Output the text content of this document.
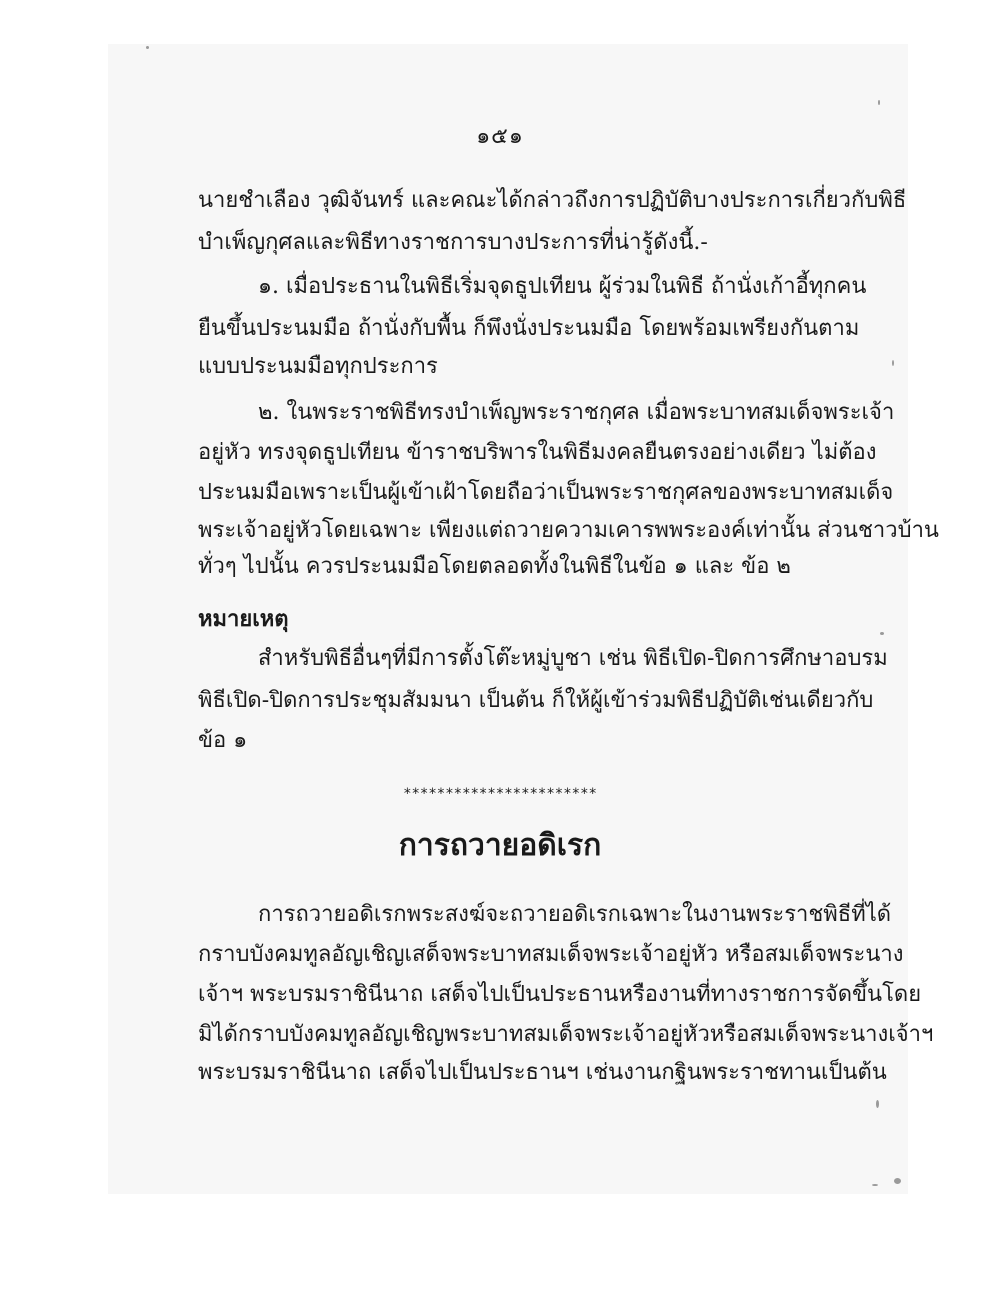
๑๕๑
นายชำเลือง วุฒิจันทร์ และคณะได้กล่าวถึงการปฏิบัติบางประการเกี่ยวกับพิธี
บำเพ็ญกุศลและพิธีทางราชการบางประการที่น่ารู้ดังนี้.-
๑. เมื่อประธานในพิธีเริ่มจุดธูปเทียน ผู้ร่วมในพิธี ถ้านั่งเก้าอี้ทุกคน
ยืนขึ้นประนมมือ ถ้านั่งกับพื้น ก็พึงนั่งประนมมือ โดยพร้อมเพรียงกันตาม
แบบประนมมือทุกประการ
๒. ในพระราชพิธีทรงบำเพ็ญพระราชกุศล เมื่อพระบาทสมเด็จพระเจ้า
อยู่หัว ทรงจุดธูปเทียน ข้าราชบริพารในพิธีมงคลยืนตรงอย่างเดียว ไม่ต้อง
ประนมมือเพราะเป็นผู้เข้าเฝ้าโดยถือว่าเป็นพระราชกุศลของพระบาทสมเด็จ
พระเจ้าอยู่หัวโดยเฉพาะ เพียงแต่ถวายความเคารพพระองค์เท่านั้น ส่วนชาวบ้าน
ทั่วๆ ไปนั้น ควรประนมมือโดยตลอดทั้งในพิธีในข้อ ๑ และ ข้อ ๒
หมายเหตุ
สำหรับพิธีอื่นๆที่มีการตั้งโต๊ะหมู่บูชา เช่น พิธีเปิด-ปิดการศึกษาอบรม
พิธีเปิด-ปิดการประชุมสัมมนา เป็นต้น ก็ให้ผู้เข้าร่วมพิธีปฏิบัติเช่นเดียวกับ
ข้อ ๑
***********************
การถวายอดิเรก
การถวายอดิเรกพระสงฆ์จะถวายอดิเรกเฉพาะในงานพระราชพิธีที่ได้
กราบบังคมทูลอัญเชิญเสด็จพระบาทสมเด็จพระเจ้าอยู่หัว หรือสมเด็จพระนาง
เจ้าฯ พระบรมราชินีนาถ เสด็จไปเป็นประธานหรืองานที่ทางราชการจัดขึ้นโดย
มิได้กราบบังคมทูลอัญเชิญพระบาทสมเด็จพระเจ้าอยู่หัวหรือสมเด็จพระนางเจ้าฯ
พระบรมราชินีนาถ เสด็จไปเป็นประธานฯ เช่นงานกฐินพระราชทานเป็นต้น
